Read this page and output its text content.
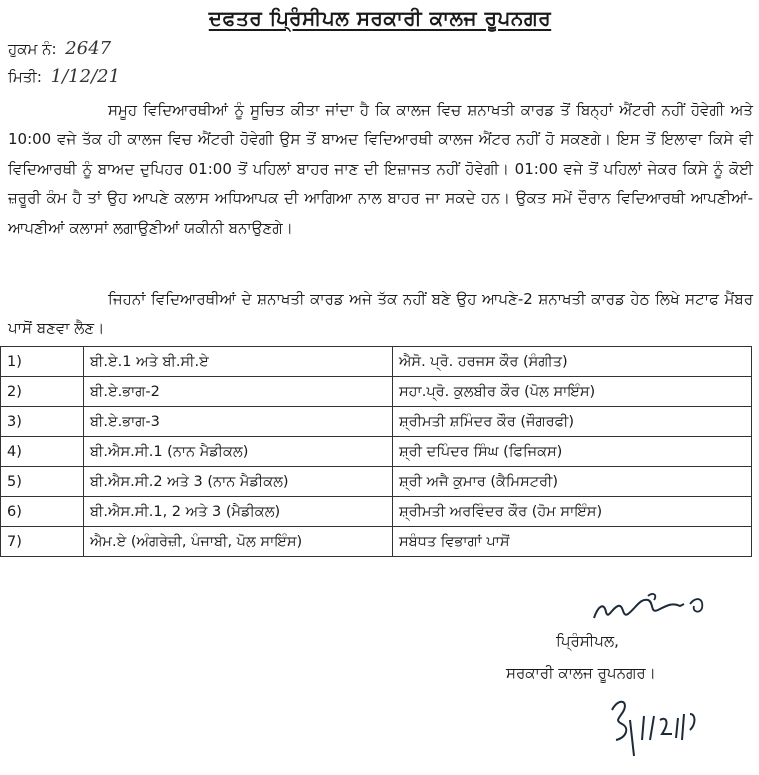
ਦਫਤਰ ਪ੍ਰਿੰਸੀਪਲ ਸਰਕਾਰੀ ਕਾਲਜ ਰੂਪਨਗਰ
ਹੁਕਮ ਨੰ: 2647
ਮਿਤੀ: 1/12/21

ਸਮੂਹ ਵਿਦਿਆਰਥੀਆਂ ਨੂੰ ਸੂਚਿਤ ਕੀਤਾ ਜਾਂਦਾ ਹੈ ਕਿ ਕਾਲਜ ਵਿਚ ਸ਼ਨਾਖਤੀ ਕਾਰਡ ਤੋਂ ਬਿਨ੍ਹਾਂ ਐਂਟਰੀ ਨਹੀਂ ਹੋਵੇਗੀ ਅਤੇ 10:00 ਵਜੇ ਤੱਕ ਹੀ ਕਾਲਜ ਵਿਚ ਐਂਟਰੀ ਹੋਵੇਗੀ ਉਸ ਤੋਂ ਬਾਅਦ ਵਿਦਿਆਰਥੀ ਕਾਲਜ ਐਂਟਰ ਨਹੀਂ ਹੋ ਸਕਣਗੇ। ਇਸ ਤੋਂ ਇਲਾਵਾ ਕਿਸੇ ਵੀ ਵਿਦਿਆਰਥੀ ਨੂੰ ਬਾਅਦ ਦੁਪਿਹਰ 01:00 ਤੋਂ ਪਹਿਲਾਂ ਬਾਹਰ ਜਾਣ ਦੀ ਇਜ਼ਾਜਤ ਨਹੀਂ ਹੋਵੇਗੀ। 01:00 ਵਜੇ ਤੋਂ ਪਹਿਲਾਂ ਜੇਕਰ ਕਿਸੇ ਨੂੰ ਕੋਈ ਜ਼ਰੂਰੀ ਕੰਮ ਹੈ ਤਾਂ ਉਹ ਆਪਣੇ ਕਲਾਸ ਅਧਿਆਪਕ ਦੀ ਆਗਿਆ ਨਾਲ ਬਾਹਰ ਜਾ ਸਕਦੇ ਹਨ। ਉਕਤ ਸਮੇਂ ਦੌਰਾਨ ਵਿਦਿਆਰਥੀ ਆਪਣੀਆਂ-ਆਪਣੀਆਂ ਕਲਾਸਾਂ ਲਗਾਉਣੀਆਂ ਯਕੀਨੀ ਬਨਾਉਣਗੇ।

ਜਿਹਨਾਂ ਵਿਦਿਆਰਥੀਆਂ ਦੇ ਸ਼ਨਾਖਤੀ ਕਾਰਡ ਅਜੇ ਤੱਕ ਨਹੀਂ ਬਣੇ ਉਹ ਆਪਣੇ-2 ਸ਼ਨਾਖਤੀ ਕਾਰਡ ਹੇਠ ਲਿਖੇ ਸਟਾਫ ਮੈਂਬਰ ਪਾਸੋਂ ਬਣਵਾ ਲੈਣ।

1)	ਬੀ.ਏ.1 ਅਤੇ ਬੀ.ਸੀ.ਏ	ਐਸੋ. ਪ੍ਰੋ. ਹਰਜਸ ਕੌਰ (ਸੰਗੀਤ)
2)	ਬੀ.ਏ.ਭਾਗ-2	ਸਹਾ.ਪ੍ਰੋ. ਕੁਲਬੀਰ ਕੌਰ (ਪੋਲ ਸਾਇੰਸ)
3)	ਬੀ.ਏ.ਭਾਗ-3	ਸ਼੍ਰੀਮਤੀ ਸ਼ਮਿੰਦਰ ਕੌਰ (ਜੌਗਰਫੀ)
4)	ਬੀ.ਐਸ.ਸੀ.1 (ਨਾਨ ਮੈਡੀਕਲ)	ਸ਼੍ਰੀ ਦਪਿੰਦਰ ਸਿੰਘ (ਫਿਜਿਕਸ)
5)	ਬੀ.ਐਸ.ਸੀ.2 ਅਤੇ 3 (ਨਾਨ ਮੈਡੀਕਲ)	ਸ਼੍ਰੀ ਅਜੈ ਕੁਮਾਰ (ਕੈਮਿਸਟਰੀ)
6)	ਬੀ.ਐਸ.ਸੀ.1, 2 ਅਤੇ 3 (ਮੈਡੀਕਲ)	ਸ਼੍ਰੀਮਤੀ ਅਰਵਿੰਦਰ ਕੌਰ (ਹੋਮ ਸਾਇੰਸ)
7)	ਐਮ.ਏ (ਅੰਗਰੇਜ਼ੀ, ਪੰਜਾਬੀ, ਪੋਲ ਸਾਇੰਸ)	ਸਬੰਧਤ ਵਿਭਾਗਾਂ ਪਾਸੋਂ
ਪ੍ਰਿੰਸੀਪਲ,
ਸਰਕਾਰੀ ਕਾਲਜ ਰੂਪਨਗਰ।
